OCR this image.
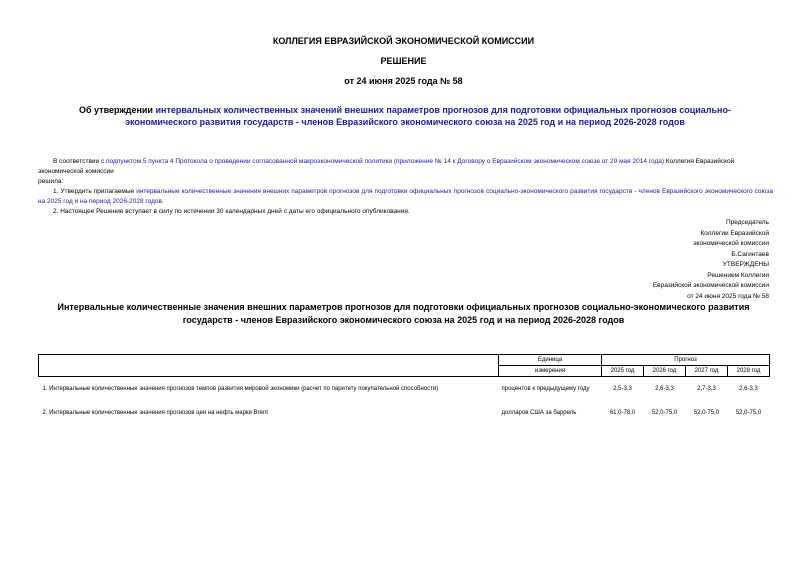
КОЛЛЕГИЯ ЕВРАЗИЙСКОЙ ЭКОНОМИЧЕСКОЙ КОМИССИИ
РЕШЕНИЕ
от 24 июня 2025 года № 58
Об утверждении интервальных количественных значений внешних параметров прогнозов для подготовки официальных прогнозов социально-экономического развития государств - членов Евразийского экономического союза на 2025 год и на период 2026-2028 годов

В соответствии с подпунктом 5 пункта 4 Протокола о проведении согласованной макроэкономической политики (приложение № 14 к Договору о Евразийском экономическом союзе от 29 мая 2014 года) Коллегия Евразийской экономической комиссии

решила:

1. Утвердить прилагаемые интервальные количественные значения внешних параметров прогнозов для подготовки официальных прогнозов социально-экономического развития государств - членов Евразийского экономического союза на 2025 год и на период 2026-2028 годов.

2. Настоящее Решение вступает в силу по истечении 30 календарных дней с даты его официального опубликования.

Председатель
Коллегии Евразийской
экономической комиссии
Б.Сагинтаев
УТВЕРЖДЕНЫ
Решением Коллегии
Евразийской экономической комиссии
от 24 июня 2025 года № 58
Интервальные количественные значения внешних параметров прогнозов для подготовки официальных прогнозов социально-экономического развития государств - членов Евразийского экономического союза на 2025 год и на период 2026-2028 годов
	Единица	Прогноз			
	измерения	2025 год	2026 год	2027 год	2028 год
1. Интервальные количественные значения прогнозов темпов развития мировой экономики (расчет по паритету покупательной способности)	процентов к предыдущему году	2,5-3,3	2,6-3,3	2,7-3,3	2,6-3,3
2. Интервальные количественные значения прогнозов цен на нефть марки Brent	долларов США за баррель	61,0-78,0	52,0-75,0	52,0-75,0	52,0-75,0
